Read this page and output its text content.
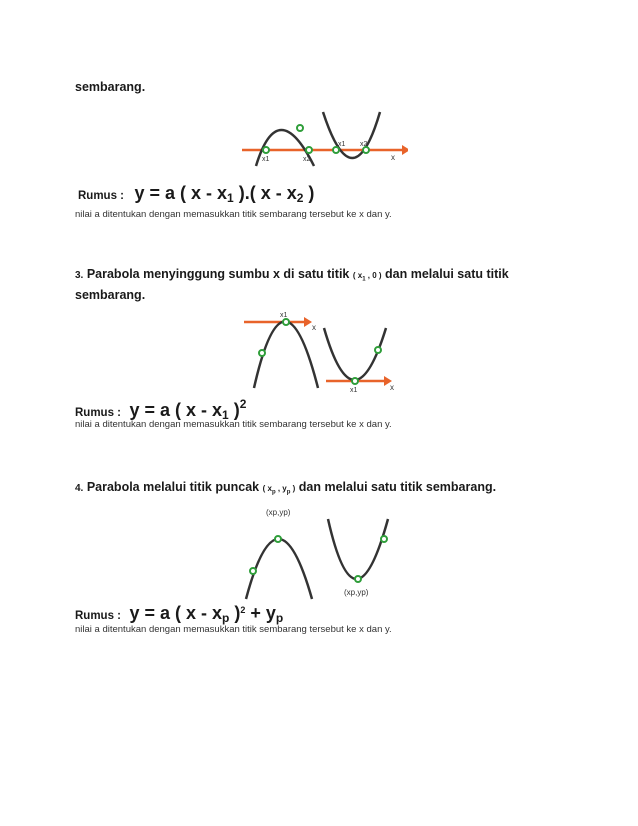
sembarang.
x1	x2
x1 x2
x
Rumus : y = a ( x - $x_1$ ).( x - $x_2$ )
nilai a ditentukan dengan memasukkan titik sembarang tersebut ke x dan y.
3. Parabola menyinggung sumbu x di satu titik ( $x_1$ , 0 ) dan melalui satu titik
sembarang.
x1
x
x1	x
Rumus : y = a ( x - $x_1$ )$^2$
nilai a ditentukan dengan memasukkan titik sembarang tersebut ke x dan y.
4. Parabola melalui titik puncak ( $x_p$ , $y_p$ ) dan melalui satu titik sembarang.
(xp,yp)
(xp,yp)
Rumus : y = a ( x - $x_p$ )$^2 + y_p$
nilai a ditentukan dengan memasukkan titik sembarang tersebut ke x dan y.
